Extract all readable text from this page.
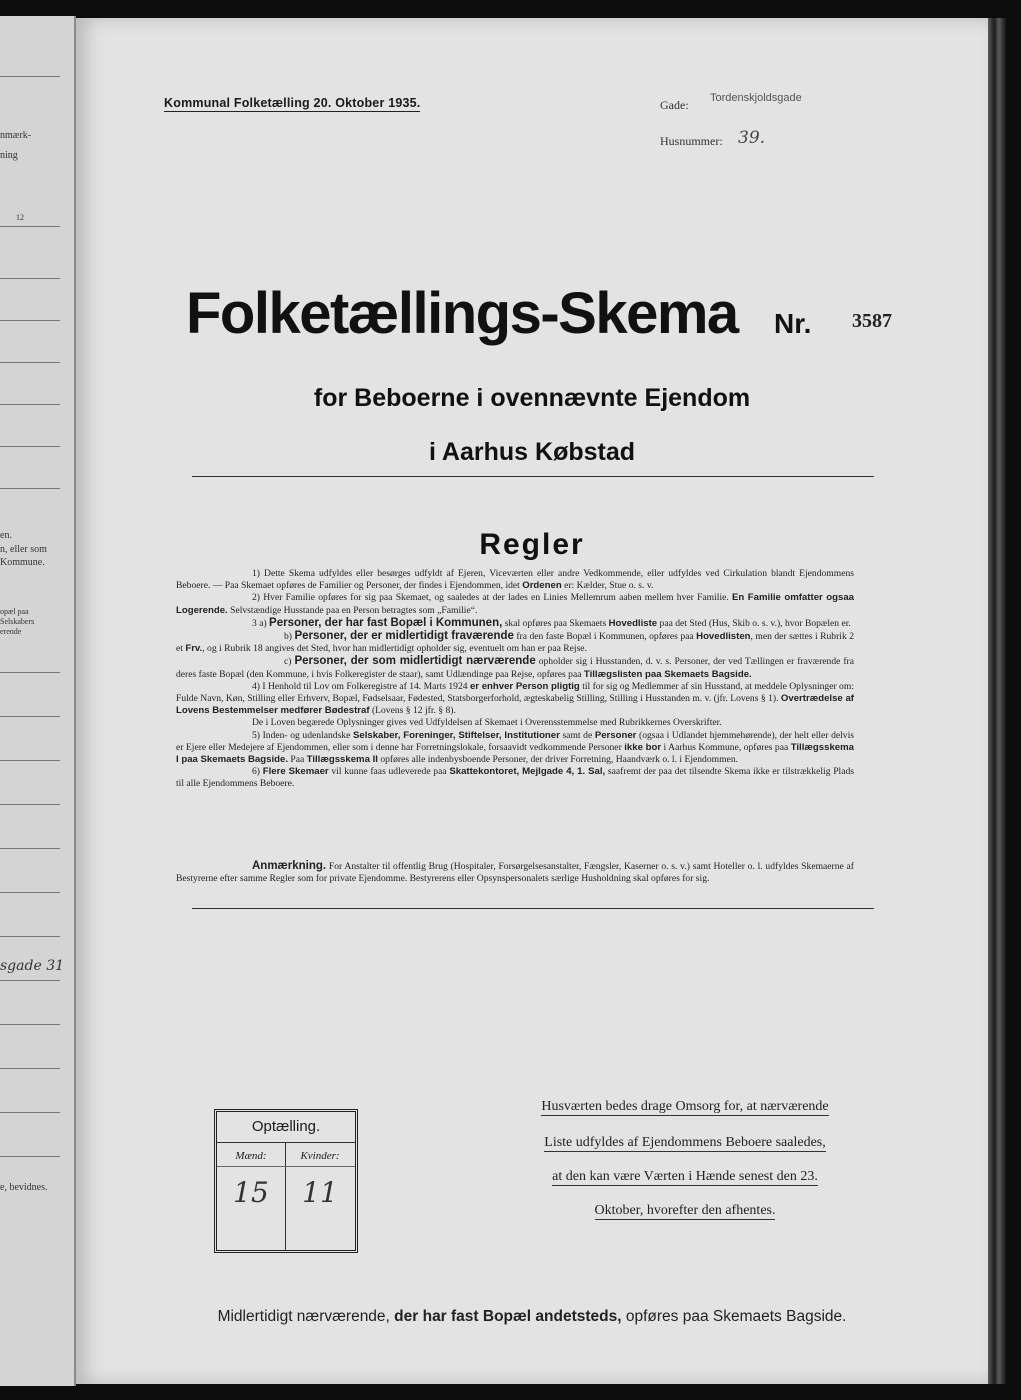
nmærk-
ning
12
en.
n, eller som
Kommune.
opæl paa
Selskabers
erende
sgade 31
e, bevidnes.
Kommunal Folketælling 20. Oktober 1935.	Gade: Tordenskjoldsgade
Husnummer: 39.
Folketællings-Skema Nr. 3587
for Beboerne i ovennævnte Ejendom
i Aarhus Købstad
Regler

1) Dette Skema udfyldes eller besørges udfyldt af Ejeren, Viceværten eller andre Vedkommende, eller udfyldes ved Cirkulation blandt Ejendommens Beboere. — Paa Skemaet opføres de Familier og Personer, der findes i Ejendommen, idet Ordenen er: Kælder, Stue o. s. v.

2) Hver Familie opføres for sig paa Skemaet, og saaledes at der lades en Linies Mellemrum aaben mellem hver Familie. En Familie omfatter ogsaa Logerende. Selvstændige Husstande paa en Person betragtes som „Familie“.

3 a) Personer, der har fast Bopæl i Kommunen, skal opføres paa Skemaets Hovedliste paa det Sted (Hus, Skib o. s. v.), hvor Bopælen er.

b) Personer, der er midlertidigt fraværende fra den faste Bopæl i Kommunen, opføres paa Hovedlisten, men der sættes i Rubrik 2 et Frv., og i Rubrik 18 angives det Sted, hvor han midlertidigt opholder sig, eventuelt om han er paa Rejse.

c) Personer, der som midlertidigt nærværende opholder sig i Husstanden, d. v. s. Personer, der ved Tællingen er fraværende fra deres faste Bopæl (den Kommune, i hvis Folkeregister de staar), samt Udlændinge paa Rejse, opføres paa Tillægslisten paa Skemaets Bagside.

4) I Henhold til Lov om Folkeregistre af 14. Marts 1924 er enhver Person pligtig til for sig og Medlemmer af sin Husstand, at meddele Oplysninger om: Fulde Navn, Køn, Stilling eller Erhverv, Bopæl, Fødselsaar, Fødested, Statsborgerforhold, ægteskabelig Stilling, Stilling i Husstanden m. v. (jfr. Lovens § 1). Overtrædelse af Lovens Bestemmelser medfører Bødestraf (Lovens § 12 jfr. § 8).

De i Loven begærede Oplysninger gives ved Udfyldelsen af Skemaet i Overensstemmelse med Rubrikkernes Overskrifter.

5) Inden- og udenlandske Selskaber, Foreninger, Stiftelser, Institutioner samt de Personer (ogsaa i Udlandet hjemmehørende), der helt eller delvis er Ejere eller Medejere af Ejendommen, eller som i denne har Forretningslokale, forsaavidt vedkommende Personer ikke bor i Aarhus Kommune, opføres paa Tillægsskema I paa Skemaets Bagside. Paa Tillægsskema II opføres alle indenbysboende Personer, der driver Forretning, Haandværk o. l. i Ejendommen.

6) Flere Skemaer vil kunne faas udleverede paa Skattekontoret, Mejlgade 4, 1. Sal, saafremt der paa det tilsendte Skema ikke er tilstrækkelig Plads til alle Ejendommens Beboere.

Anmærkning. For Anstalter til offentlig Brug (Hospitaler, Forsørgelsesanstalter, Fængsler, Kaserner o. s. v.) samt Hoteller o. l. udfyldes Skemaerne af Bestyrerne efter samme Regler som for private Ejendomme. Bestyrerens eller Opsynspersonalets særlige Husholdning skal opføres for sig.
Optælling.
Mænd:	Kvinder:
15	11
Husværten bedes drage Omsorg for, at nærværende
Liste udfyldes af Ejendommens Beboere saaledes,
at den kan være Værten i Hænde senest den 23.
Oktober, hvorefter den afhentes.
Midlertidigt nærværende, der har fast Bopæl andetsteds, opføres paa Skemaets Bagside.
